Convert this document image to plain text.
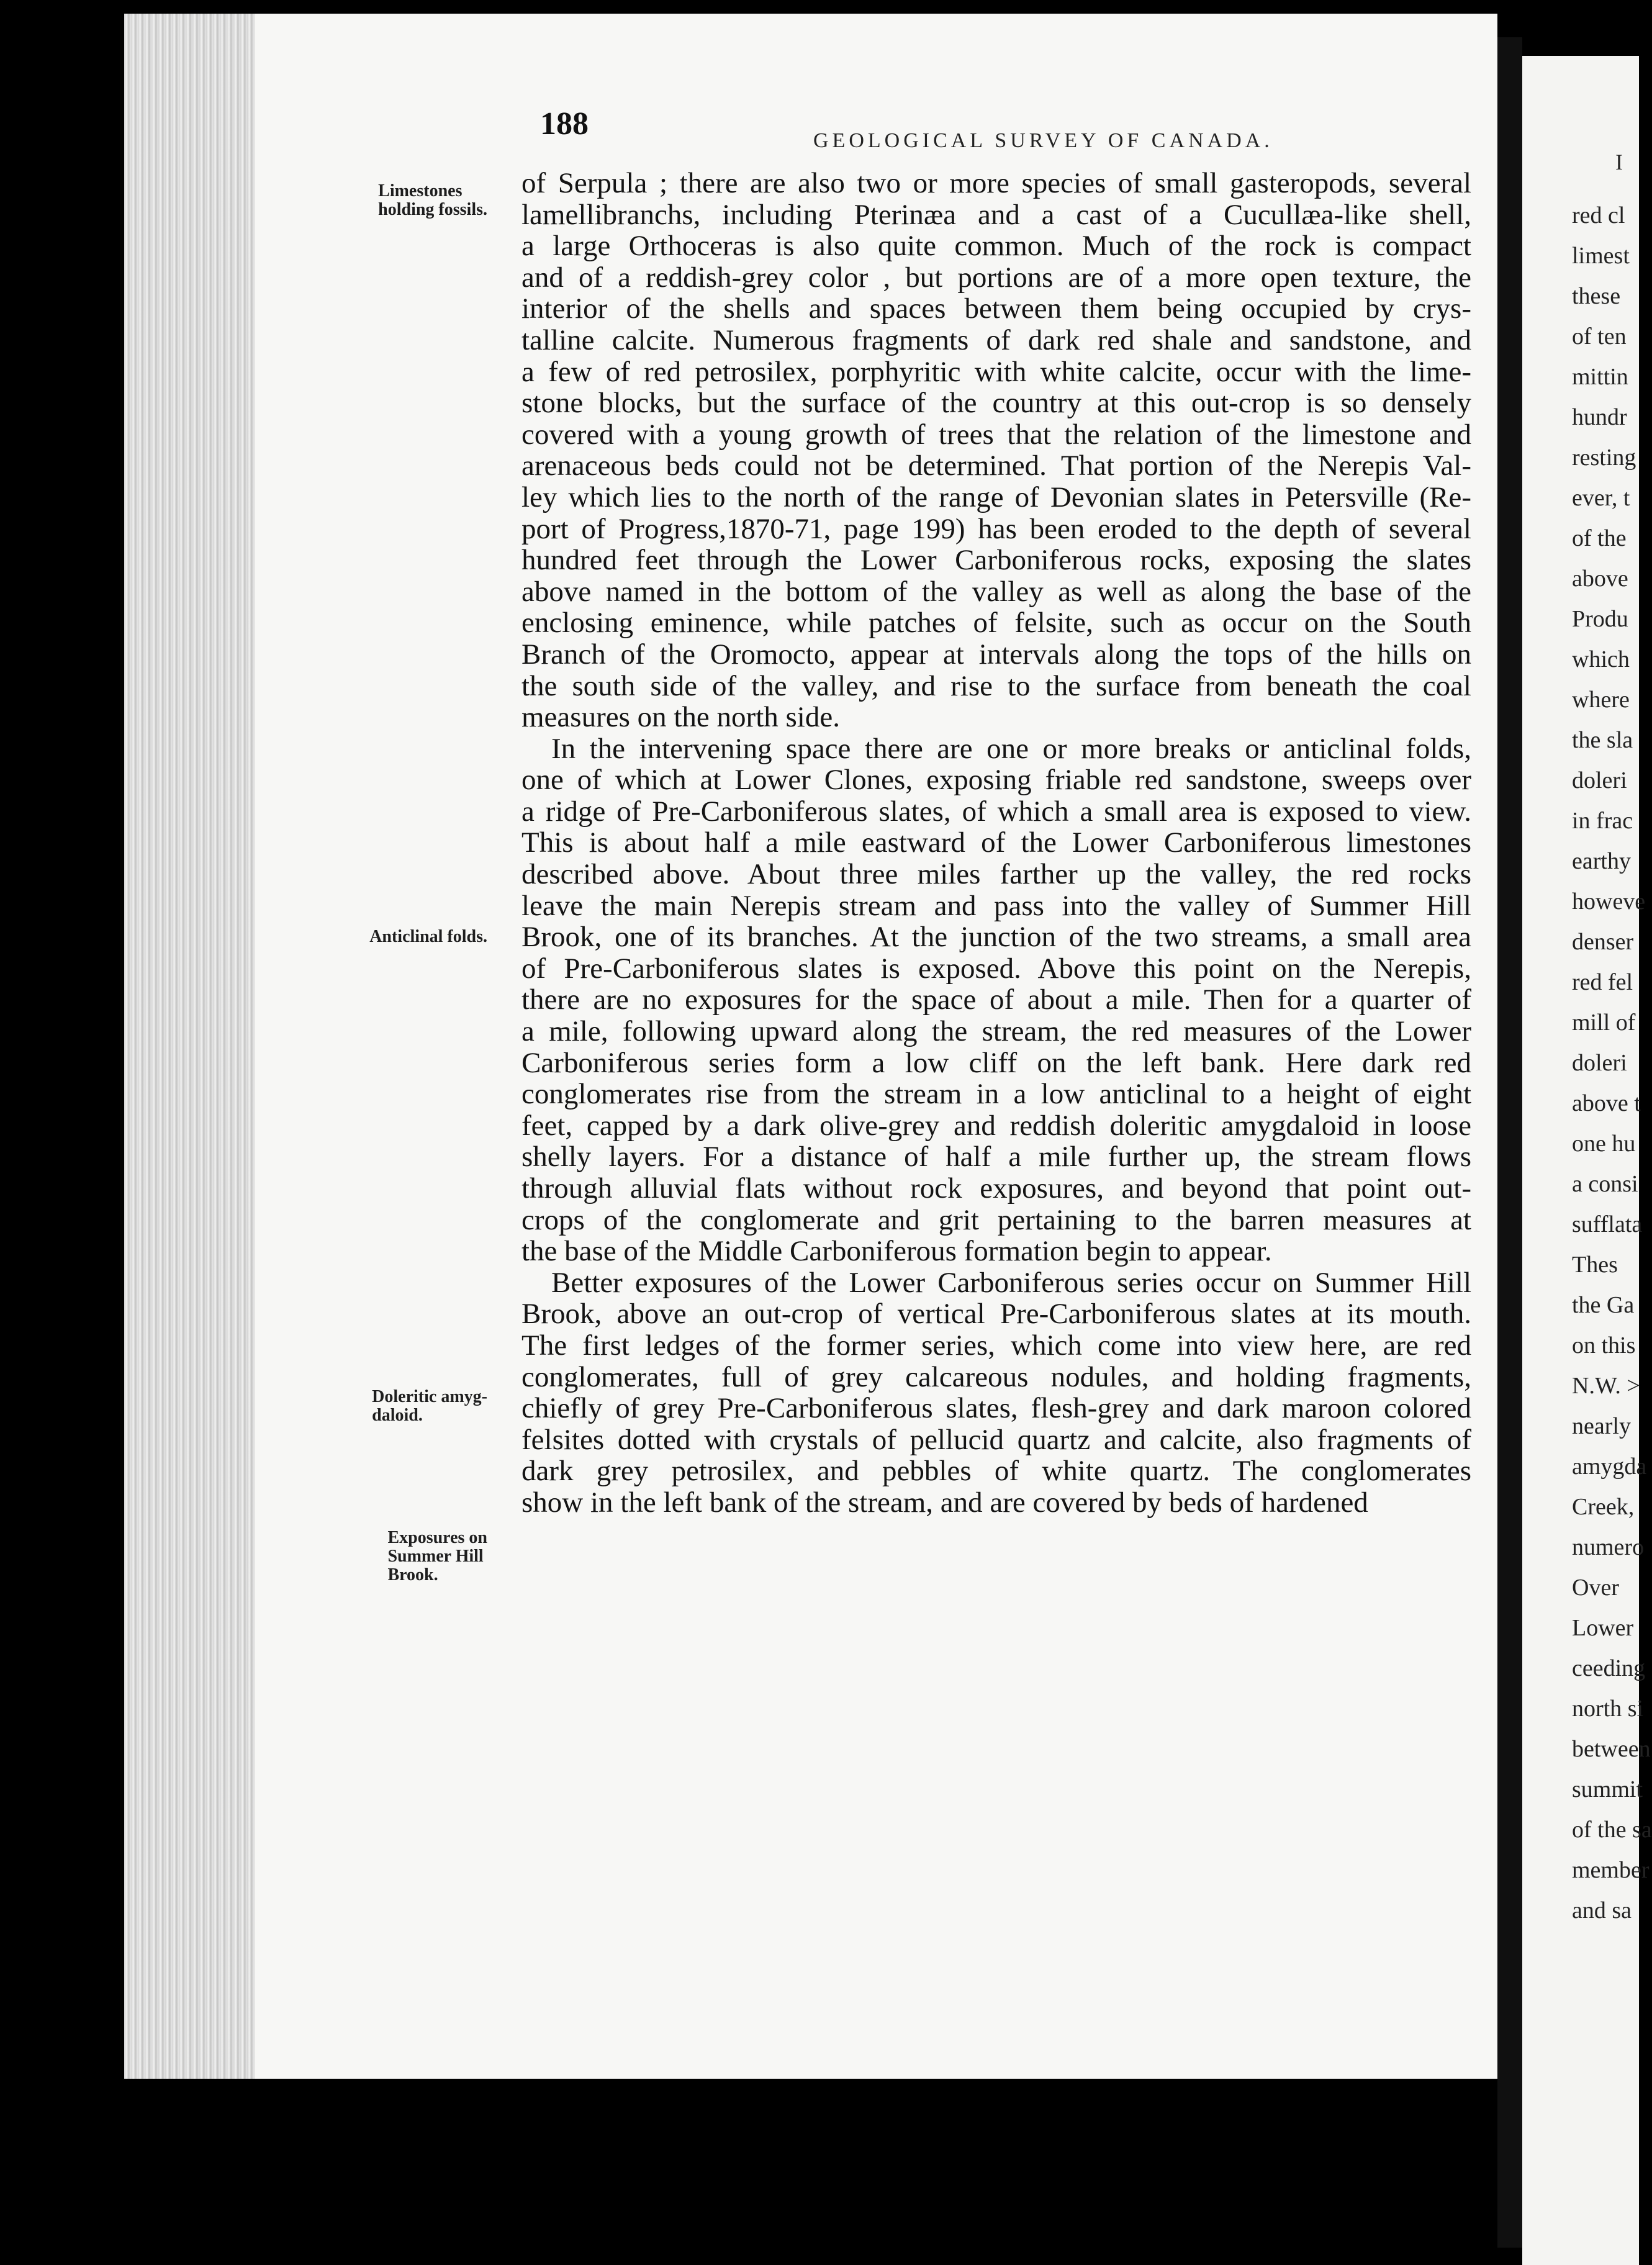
I
red cl
limest
these
of ten
mittin
hundr
resting
ever, t
of the
above
Produ
which
where
the sla
doleri
in frac
earthy
howeve
denser
red fel
mill of
doleri
above t
one hu
a consi
sufflata
Thes
the Ga
on this
N.W. >
nearly
amygda
Creek,
numero
Over
Lower
ceeding
north si
between
summit
of the sa
member
and sa
188	GEOLOGICAL SURVEY OF CANADA.
Limestones
holding fossils.
Anticlinal folds.
Doleritic amyg-
daloid.
Exposures on
Summer Hill
Brook.

of Serpula ; there are also two or more species of small gasteropods, several
lamellibranchs, including Pterinæa and a cast of a Cucullæa-like shell,
a large Orthoceras is also quite common. Much of the rock is compact
and of a reddish-grey color , but portions are of a more open texture, the
interior of the shells and spaces between them being occupied by crys-
talline calcite. Numerous fragments of dark red shale and sandstone, and
a few of red petrosilex, porphyritic with white calcite, occur with the lime-
stone blocks, but the surface of the country at this out-crop is so densely
covered with a young growth of trees that the relation of the limestone and
arenaceous beds could not be determined. That portion of the Nerepis Val-
ley which lies to the north of the range of Devonian slates in Petersville (Re-
port of Progress,1870-71, page 199) has been eroded to the depth of several
hundred feet through the Lower Carboniferous rocks, exposing the slates
above named in the bottom of the valley as well as along the base of the
enclosing eminence, while patches of felsite, such as occur on the South
Branch of the Oromocto, appear at intervals along the tops of the hills on
the south side of the valley, and rise to the surface from beneath the coal
measures on the north side.

In the intervening space there are one or more breaks or anticlinal folds,
one of which at Lower Clones, exposing friable red sandstone, sweeps over
a ridge of Pre-Carboniferous slates, of which a small area is exposed to view.
This is about half a mile eastward of the Lower Carboniferous limestones
described above. About three miles farther up the valley, the red rocks
leave the main Nerepis stream and pass into the valley of Summer Hill
Brook, one of its branches. At the junction of the two streams, a small area
of Pre-Carboniferous slates is exposed. Above this point on the Nerepis,
there are no exposures for the space of about a mile. Then for a quarter of
a mile, following upward along the stream, the red measures of the Lower
Carboniferous series form a low cliff on the left bank. Here dark red
conglomerates rise from the stream in a low anticlinal to a height of eight
feet, capped by a dark olive-grey and reddish doleritic amygdaloid in loose
shelly layers. For a distance of half a mile further up, the stream flows
through alluvial flats without rock exposures, and beyond that point out-
crops of the conglomerate and grit pertaining to the barren measures at
the base of the Middle Carboniferous formation begin to appear.

Better exposures of the Lower Carboniferous series occur on Summer Hill
Brook, above an out-crop of vertical Pre-Carboniferous slates at its mouth.
The first ledges of the former series, which come into view here, are red
conglomerates, full of grey calcareous nodules, and holding fragments,
chiefly of grey Pre-Carboniferous slates, flesh-grey and dark maroon colored
felsites dotted with crystals of pellucid quartz and calcite, also fragments of
dark grey petrosilex, and pebbles of white quartz. The conglomerates
show in the left bank of the stream, and are covered by beds of hardened
